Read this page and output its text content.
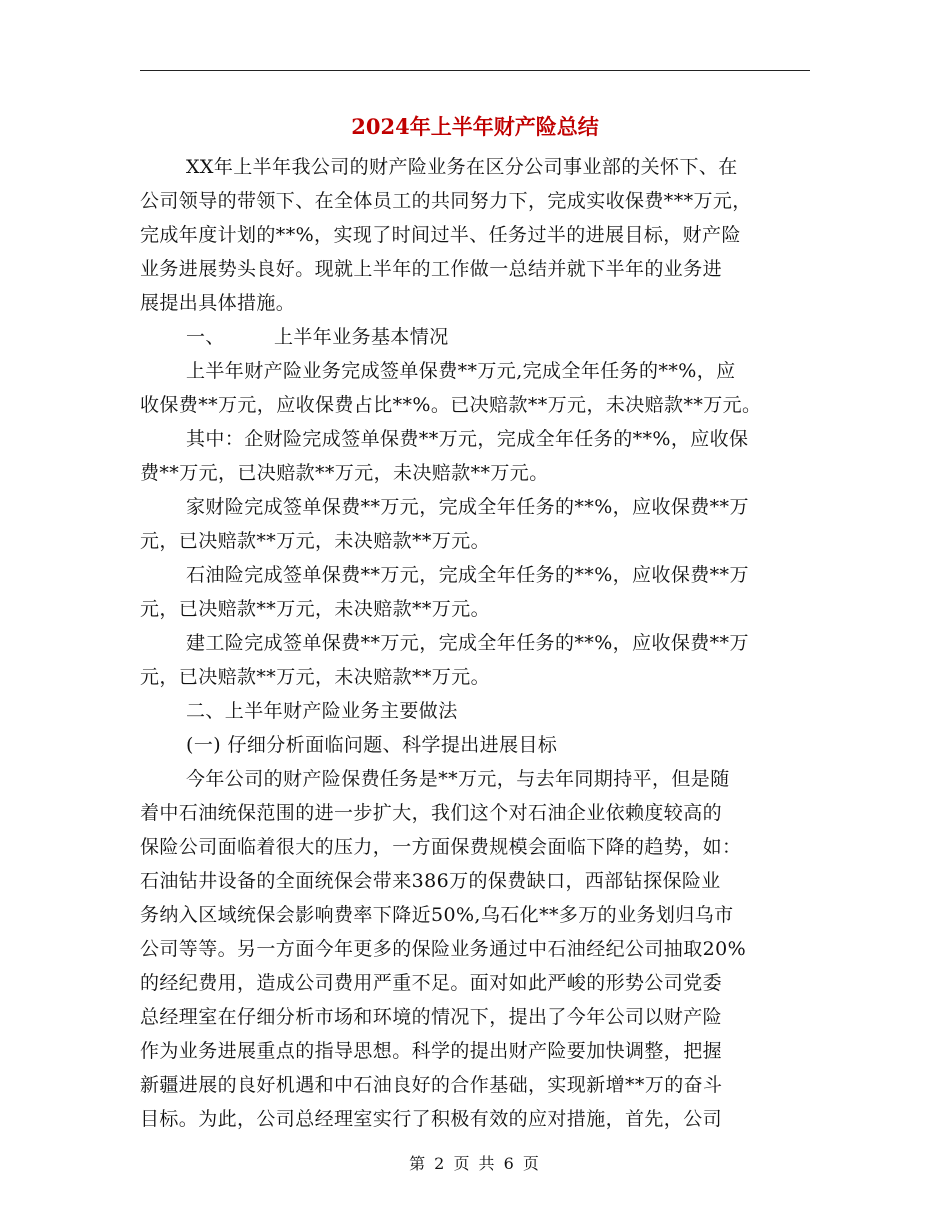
2024年上半年财产险总结
XX年上半年我公司的财产险业务在区分公司事业部的关怀下、在
公司领导的带领下、在全体员工的共同努力下，完成实收保费***万元，
完成年度计划的**%，实现了时间过半、任务过半的进展目标，财产险
业务进展势头良好。现就上半年的工作做一总结并就下半年的业务进
展提出具体措施。
一、	上半年业务基本情况
上半年财产险业务完成签单保费**万元,完成全年任务的**%，应
收保费**万元，应收保费占比**%。已决赔款**万元，未决赔款**万元。
其中：企财险完成签单保费**万元，完成全年任务的**%，应收保
费**万元，已决赔款**万元，未决赔款**万元。
家财险完成签单保费**万元，完成全年任务的**%，应收保费**万
元，已决赔款**万元，未决赔款**万元。
石油险完成签单保费**万元，完成全年任务的**%，应收保费**万
元，已决赔款**万元，未决赔款**万元。
建工险完成签单保费**万元，完成全年任务的**%，应收保费**万
元，已决赔款**万元，未决赔款**万元。
二、上半年财产险业务主要做法
(一) 仔细分析面临问题、科学提出进展目标
今年公司的财产险保费任务是**万元，与去年同期持平，但是随
着中石油统保范围的进一步扩大，我们这个对石油企业依赖度较高的
保险公司面临着很大的压力，一方面保费规模会面临下降的趋势，如：
石油钻井设备的全面统保会带来386万的保费缺口，西部钻探保险业
务纳入区域统保会影响费率下降近50%,乌石化**多万的业务划归乌市
公司等等。另一方面今年更多的保险业务通过中石油经纪公司抽取20%
的经纪费用，造成公司费用严重不足。面对如此严峻的形势公司党委
总经理室在仔细分析市场和环境的情况下，提出了今年公司以财产险
作为业务进展重点的指导思想。科学的提出财产险要加快调整，把握
新疆进展的良好机遇和中石油良好的合作基础，实现新增**万的奋斗
目标。为此，公司总经理室实行了积极有效的应对措施，首先，公司
第 2 页 共 6 页
